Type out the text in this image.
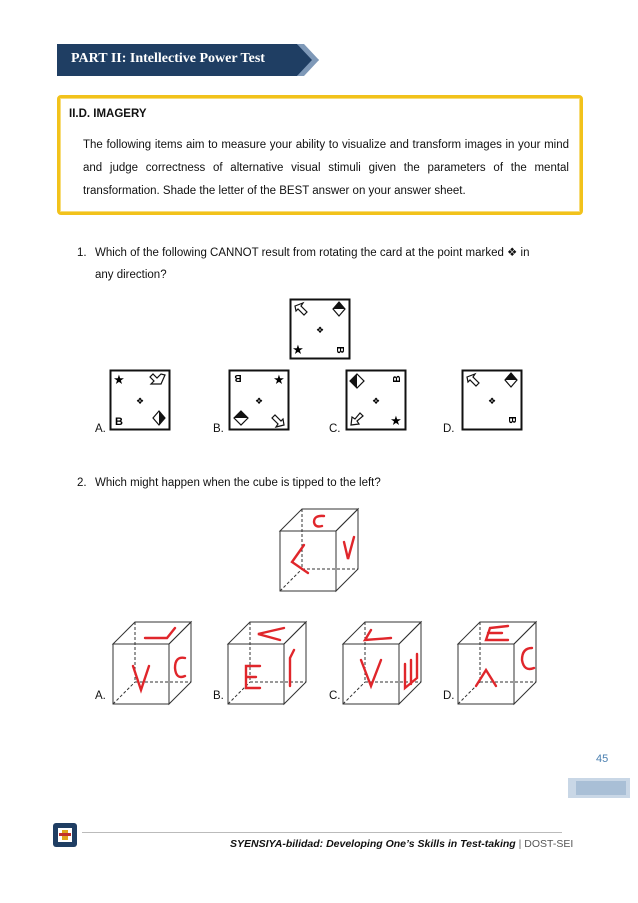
PART II: Intellective Power Test
II.D. IMAGERY
The following items aim to measure your ability to visualize and transform images in your mind and judge correctness of alternative visual stimuli given the parameters of the mental transformation. Shade the letter of the BEST answer on your answer sheet.
1. Which of the following CANNOT result from rotating the card at the point marked ❖ in
any direction?
❖
★	B
A.
★
❖
B
B.
B ★
❖
C.
B
❖
★
D.
❖
B
2. Which might happen when the cube is tipped to the left?
A.	B.	C.	D.
45
SYENSIYA-bilidad: Developing One’s Skills in Test-taking | DOST-SEI
